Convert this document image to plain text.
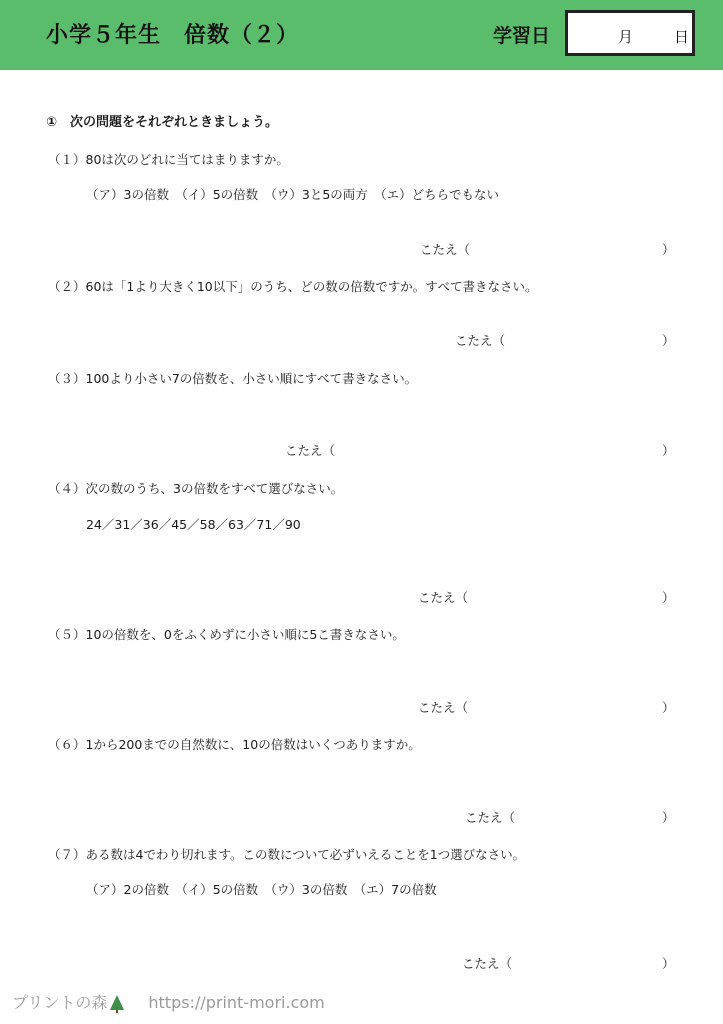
小学５年生　倍数（２）	学習日	月	日
①　次の問題をそれぞれときましょう。
（１）80は次のどれに当てはまりますか。
（ア）3の倍数　（イ）5の倍数　（ウ）3と5の両方　（エ）どちらでもない
こたえ（	）
（２）60は「1より大きく10以下」のうち、どの数の倍数ですか。すべて書きなさい。
こたえ（	）
（３）100より小さい7の倍数を、小さい順にすべて書きなさい。
こたえ（	）
（４）次の数のうち、3の倍数をすべて選びなさい。
24／31／36／45／58／63／71／90
こたえ（	）
（５）10の倍数を、0をふくめずに小さい順に5こ書きなさい。
こたえ（	）
（６）1から200までの自然数に、10の倍数はいくつありますか。
こたえ（	）
（７）ある数は4でわり切れます。この数について必ずいえることを1つ選びなさい。
（ア）2の倍数　（イ）5の倍数　（ウ）3の倍数　（エ）7の倍数
こたえ（	）
プリントの森	https://print-mori.com
